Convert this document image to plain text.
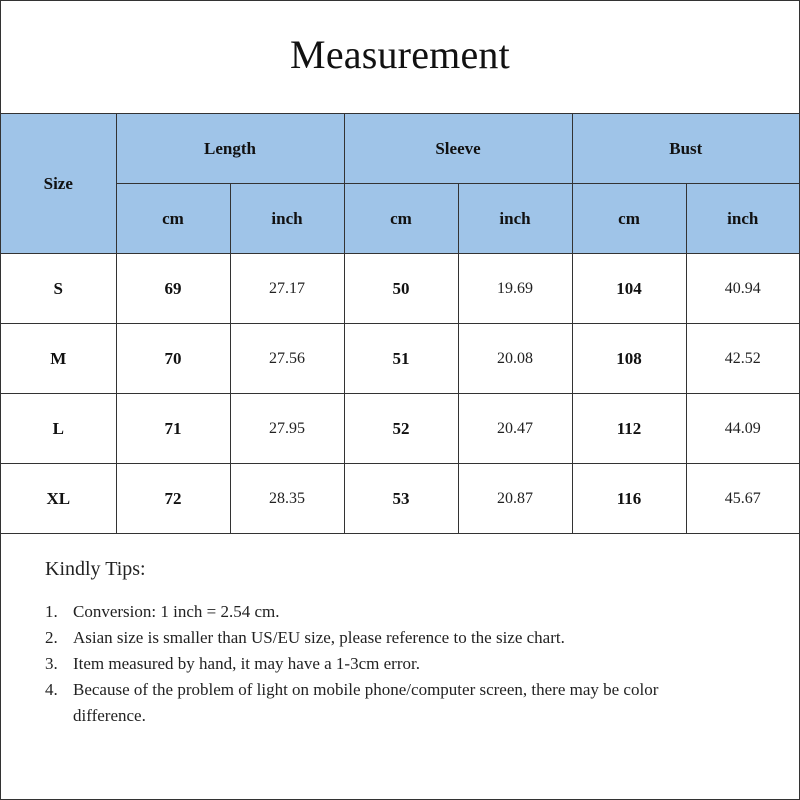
Measurement
Size	Length		Sleeve		Bust	
	cm	inch	cm	inch	cm	inch
S	69	27.17	50	19.69	104	40.94
M	70	27.56	51	20.08	108	42.52
L	71	27.95	52	20.47	112	44.09
XL	72	28.35	53	20.87	116	45.67
Kindly Tips:
1. Conversion: 1 inch = 2.54 cm.
2. Asian size is smaller than US/EU size, please reference to the size chart.
3. Item measured by hand, it may have a 1-3cm error.
4. Because of the problem of light on mobile phone/computer screen, there may be color difference.
